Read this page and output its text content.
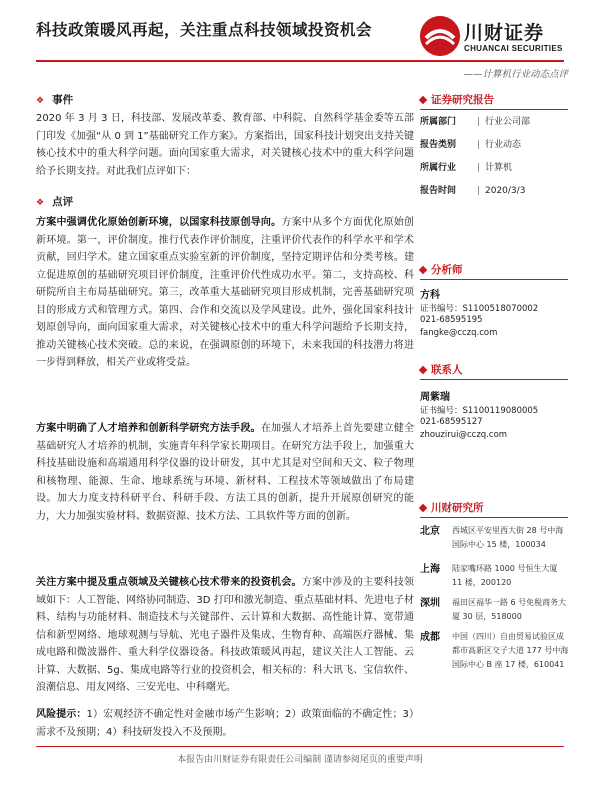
科技政策暖风再起，关注重点科技领域投资机会	川财证券
CHUANCAI SECURITIES
——计算机行业动态点评
❖ 事件
2020 年 3 月 3 日，科技部、发展改革委、教育部、中科院、自然科学基金委等五部门印发《加强“从 0 到 1”基础研究工作方案》。方案指出，国家科技计划突出支持关键核心技术中的重大科学问题。面向国家重大需求，对关键核心技术中的重大科学问题给予长期支持。对此我们点评如下：
❖ 点评
方案中强调优化原始创新环境，以国家科技原创导向。方案中从多个方面优化原始创新环境。第一，评价制度。推行代表作评价制度，注重评价代表作的科学水平和学术贡献，回归学术。建立国家重点实验室新的评价制度，坚持定期评估和分类考核。建立促进原创的基础研究项目评价制度，注重评价代性成功水平。第二，支持高校、科研院所自主布局基础研究。第三，改革重大基础研究项目形成机制，完善基础研究项目的形成方式和管理方式。第四、合作和交流以及学风建设。此外，强化国家科技计划原创导向，面向国家重大需求，对关键核心技术中的重大科学问题给予长期支持，推动关键核心技术突破。总的来说，在强调原创的环境下，未来我国的科技潜力将进一步得到释放，相关产业或将受益。
方案中明确了人才培养和创新科学研究方法手段。在加强人才培养上首先要建立健全基础研究人才培养的机制，实施青年科学家长期项目。在研究方法手段上，加强重大科技基础设施和高端通用科学仪器的设计研发，其中尤其是对空间和天文、粒子物理和核物理、能源、生命、地球系统与环境、新材料、工程技术等领域做出了布局建设。加大力度支持科研平台、科研手段、方法工具的创新，提升开展原创研究的能力，大力加强实验材料、数据资源、技术方法、工具软件等方面的创新。
关注方案中提及重点领域及关键核心技术带来的投资机会。方案中涉及的主要科技领域如下：人工智能、网络协同制造、3D 打印和激光制造、重点基础材料、先进电子材料、结构与功能材料、制造技术与关键部件、云计算和大数据、高性能计算、宽带通信和新型网络、地球观测与导航、光电子器件及集成、生物育种、高端医疗器械、集成电路和微波器件、重大科学仪器设备。科技政策暖风再起，建议关注人工智能、云计算、大数据、5g、集成电路等行业的投资机会，相关标的：科大讯飞、宝信软件、浪潮信息、用友网络、三安光电、中科曙光。
风险提示：1）宏观经济不确定性对金融市场产生影响；2）政策面临的不确定性；3）需求不及预期；4）科技研发投入不及预期。
证券研究报告
所属部门	行业公司部
报告类别	行业动态
所属行业	计算机
报告时间	2020/3/3
分析师
方科
证书编号：S1100518070002
021-68595195
fangke@cczq.com
联系人
周紫瑞
证书编号：S1100119080005
021-68595127
zhouzirui@cczq.com
川财研究所
北京 西城区平安里西大街 28 号中海国际中心 15 楼，100034
上海 陆家嘴环路 1000 号恒生大厦 11 楼，200120
深圳 福田区福华一路 6 号免税商务大厦 30 层，518000
成都 中国（四川）自由贸易试验区成都市高新区交子大道 177 号中海国际中心 B 座 17 楼，610041
本报告由川财证券有限责任公司编制 谨请参阅尾页的重要声明
